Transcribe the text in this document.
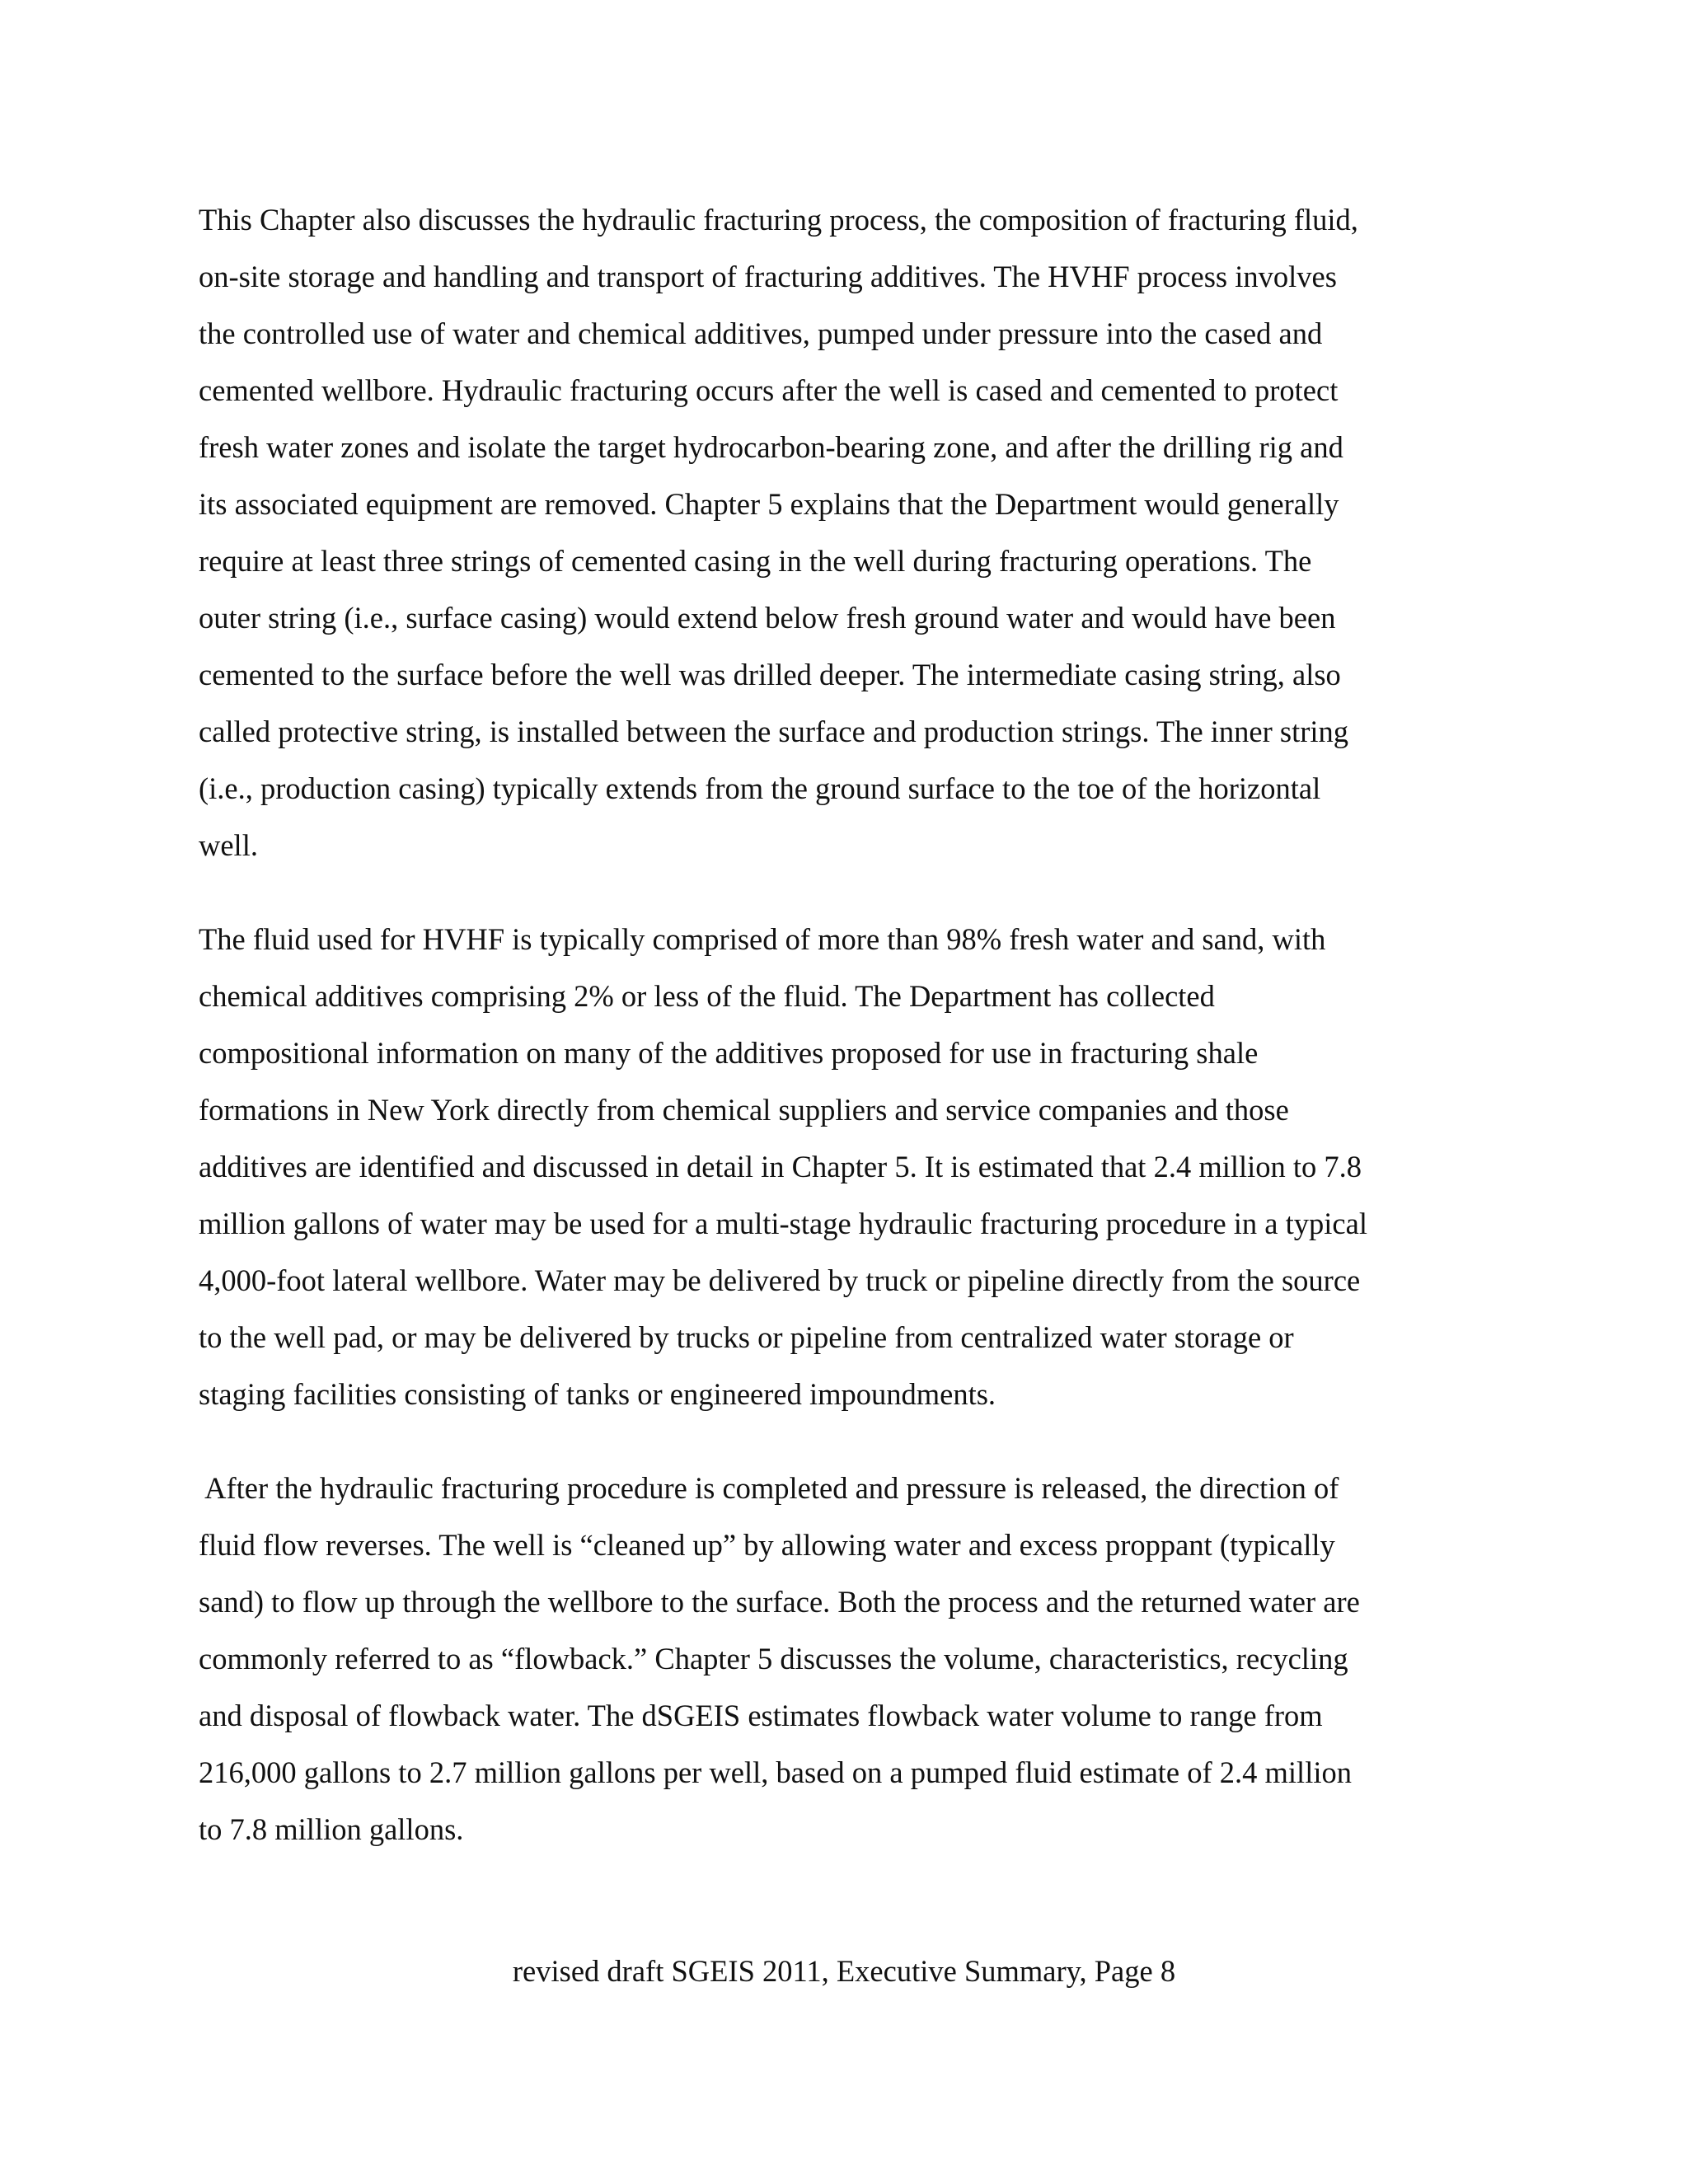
This Chapter also discusses the hydraulic fracturing process, the composition of fracturing fluid,
on-site storage and handling and transport of fracturing additives. The HVHF process involves
the controlled use of water and chemical additives, pumped under pressure into the cased and
cemented wellbore. Hydraulic fracturing occurs after the well is cased and cemented to protect
fresh water zones and isolate the target hydrocarbon-bearing zone, and after the drilling rig and
its associated equipment are removed. Chapter 5 explains that the Department would generally
require at least three strings of cemented casing in the well during fracturing operations. The
outer string (i.e., surface casing) would extend below fresh ground water and would have been
cemented to the surface before the well was drilled deeper. The intermediate casing string, also
called protective string, is installed between the surface and production strings. The inner string
(i.e., production casing) typically extends from the ground surface to the toe of the horizontal
well.
The fluid used for HVHF is typically comprised of more than 98% fresh water and sand, with
chemical additives comprising 2% or less of the fluid. The Department has collected
compositional information on many of the additives proposed for use in fracturing shale
formations in New York directly from chemical suppliers and service companies and those
additives are identified and discussed in detail in Chapter 5. It is estimated that 2.4 million to 7.8
million gallons of water may be used for a multi-stage hydraulic fracturing procedure in a typical
4,000-foot lateral wellbore. Water may be delivered by truck or pipeline directly from the source
to the well pad, or may be delivered by trucks or pipeline from centralized water storage or
staging facilities consisting of tanks or engineered impoundments.
After the hydraulic fracturing procedure is completed and pressure is released, the direction of
fluid flow reverses. The well is “cleaned up” by allowing water and excess proppant (typically
sand) to flow up through the wellbore to the surface. Both the process and the returned water are
commonly referred to as “flowback.” Chapter 5 discusses the volume, characteristics, recycling
and disposal of flowback water. The dSGEIS estimates flowback water volume to range from
216,000 gallons to 2.7 million gallons per well, based on a pumped fluid estimate of 2.4 million
to 7.8 million gallons.
revised draft SGEIS 2011, Executive Summary, Page 8
